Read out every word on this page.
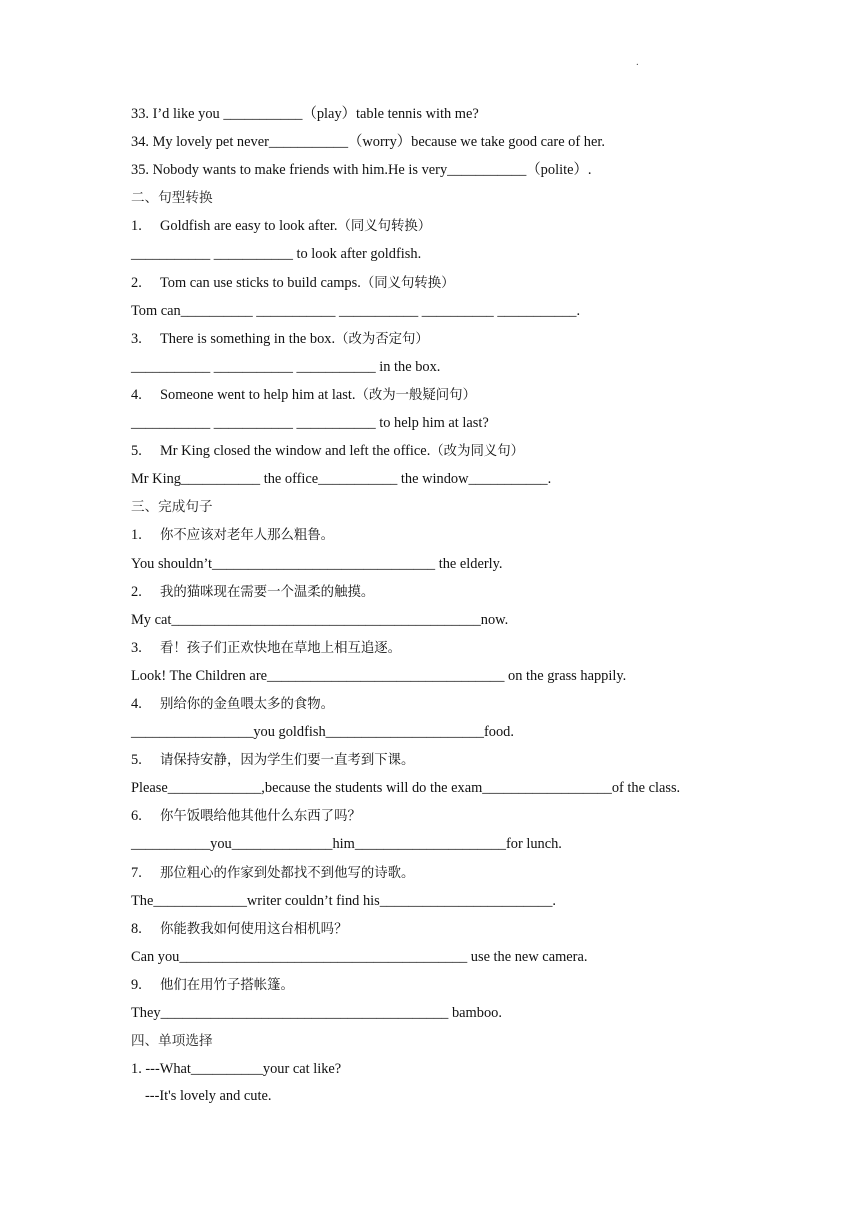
.
33. I’d like you ___________（play）table tennis with me?
34. My lovely pet never___________（worry）because we take good care of her.
35. Nobody wants to make friends with him.He is very___________（polite）.
二、句型转换
1. Goldfish are easy to look after.（同义句转换）
___________ ___________ to look after goldfish.
2. Tom can use sticks to build camps.（同义句转换）
Tom can__________ ___________ ___________ __________ ___________.
3. There is something in the box.（改为否定句）
___________ ___________ ___________ in the box.
4. Someone went to help him at last.（改为一般疑问句）
___________ ___________ ___________ to help him at last?
5. Mr King closed the window and left the office.（改为同义句）
Mr King___________ the office___________ the window___________.
三、完成句子
1. 你不应该对老年人那么粗鲁。
You shouldn’t_______________________________ the elderly.
2. 我的猫咪现在需要一个温柔的触摸。
My cat___________________________________________now.
3. 看！孩子们正欢快地在草地上相互追逐。
Look! The Children are_________________________________ on the grass happily.
4. 别给你的金鱼喂太多的食物。
_________________you goldfish______________________food.
5. 请保持安静，因为学生们要一直考到下课。
Please_____________,because the students will do the exam__________________of the class.
6. 你午饭喂给他其他什么东西了吗？
___________you______________him_____________________for lunch.
7. 那位粗心的作家到处都找不到他写的诗歌。
The_____________writer couldn’t find his________________________.
8. 你能教我如何使用这台相机吗？
Can you________________________________________ use the new camera.
9. 他们在用竹子搭帐篷。
They________________________________________ bamboo.
四、单项选择
1. ---What__________your cat like?
---It's lovely and cute.
